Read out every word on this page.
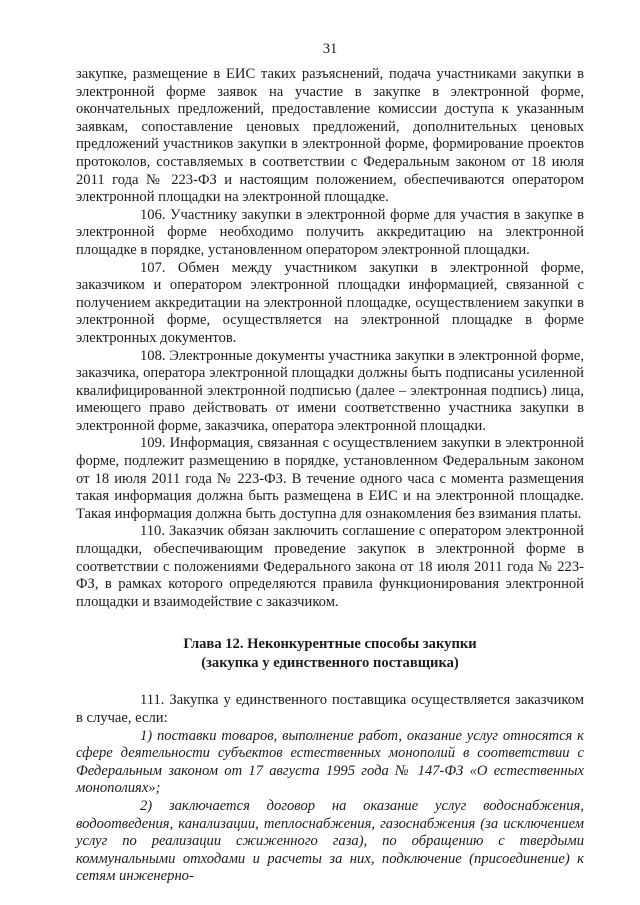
31

закупке, размещение в ЕИС таких разъяснений, подача участниками закупки в электронной форме заявок на участие в закупке в электронной форме, окончательных предложений, предоставление комиссии доступа к указанным заявкам, сопоставление ценовых предложений, дополнительных ценовых предложений участников закупки в электронной форме, формирование проектов протоколов, составляемых в соответствии с Федеральным законом от 18 июля 2011 года № 223-ФЗ и настоящим положением, обеспечиваются оператором электронной площадки на электронной площадке.

106. Участнику закупки в электронной форме для участия в закупке в электронной форме необходимо получить аккредитацию на электронной площадке в порядке, установленном оператором электронной площадки.

107. Обмен между участником закупки в электронной форме, заказчиком и оператором электронной площадки информацией, связанной с получением аккредитации на электронной площадке, осуществлением закупки в электронной форме, осуществляется на электронной площадке в форме электронных документов.

108. Электронные документы участника закупки в электронной форме, заказчика, оператора электронной площадки должны быть подписаны усиленной квалифицированной электронной подписью (далее – электронная подпись) лица, имеющего право действовать от имени соответственно участника закупки в электронной форме, заказчика, оператора электронной площадки.

109. Информация, связанная с осуществлением закупки в электронной форме, подлежит размещению в порядке, установленном Федеральным законом от 18 июля 2011 года № 223-ФЗ. В течение одного часа с момента размещения такая информация должна быть размещена в ЕИС и на электронной площадке. Такая информация должна быть доступна для ознакомления без взимания платы.

110. Заказчик обязан заключить соглашение с оператором электронной площадки, обеспечивающим проведение закупок в электронной форме в соответствии с положениями Федерального закона от 18 июля 2011 года № 223-ФЗ, в рамках которого определяются правила функционирования электронной площадки и взаимодействие с заказчиком.

Глава 12. Неконкурентные способы закупки
(закупка у единственного поставщика)

111. Закупка у единственного поставщика осуществляется заказчиком в случае, если:

1) поставки товаров, выполнение работ, оказание услуг относятся к сфере деятельности субъектов естественных монополий в соответствии с Федеральным законом от 17 августа 1995 года № 147-ФЗ «О естественных монополиях»;

2) заключается договор на оказание услуг водоснабжения, водоотведения, канализации, теплоснабжения, газоснабжения (за исключением услуг по реализации сжиженного газа), по обращению с твердыми коммунальными отходами и расчеты за них, подключение (присоединение) к сетям инженерно-
